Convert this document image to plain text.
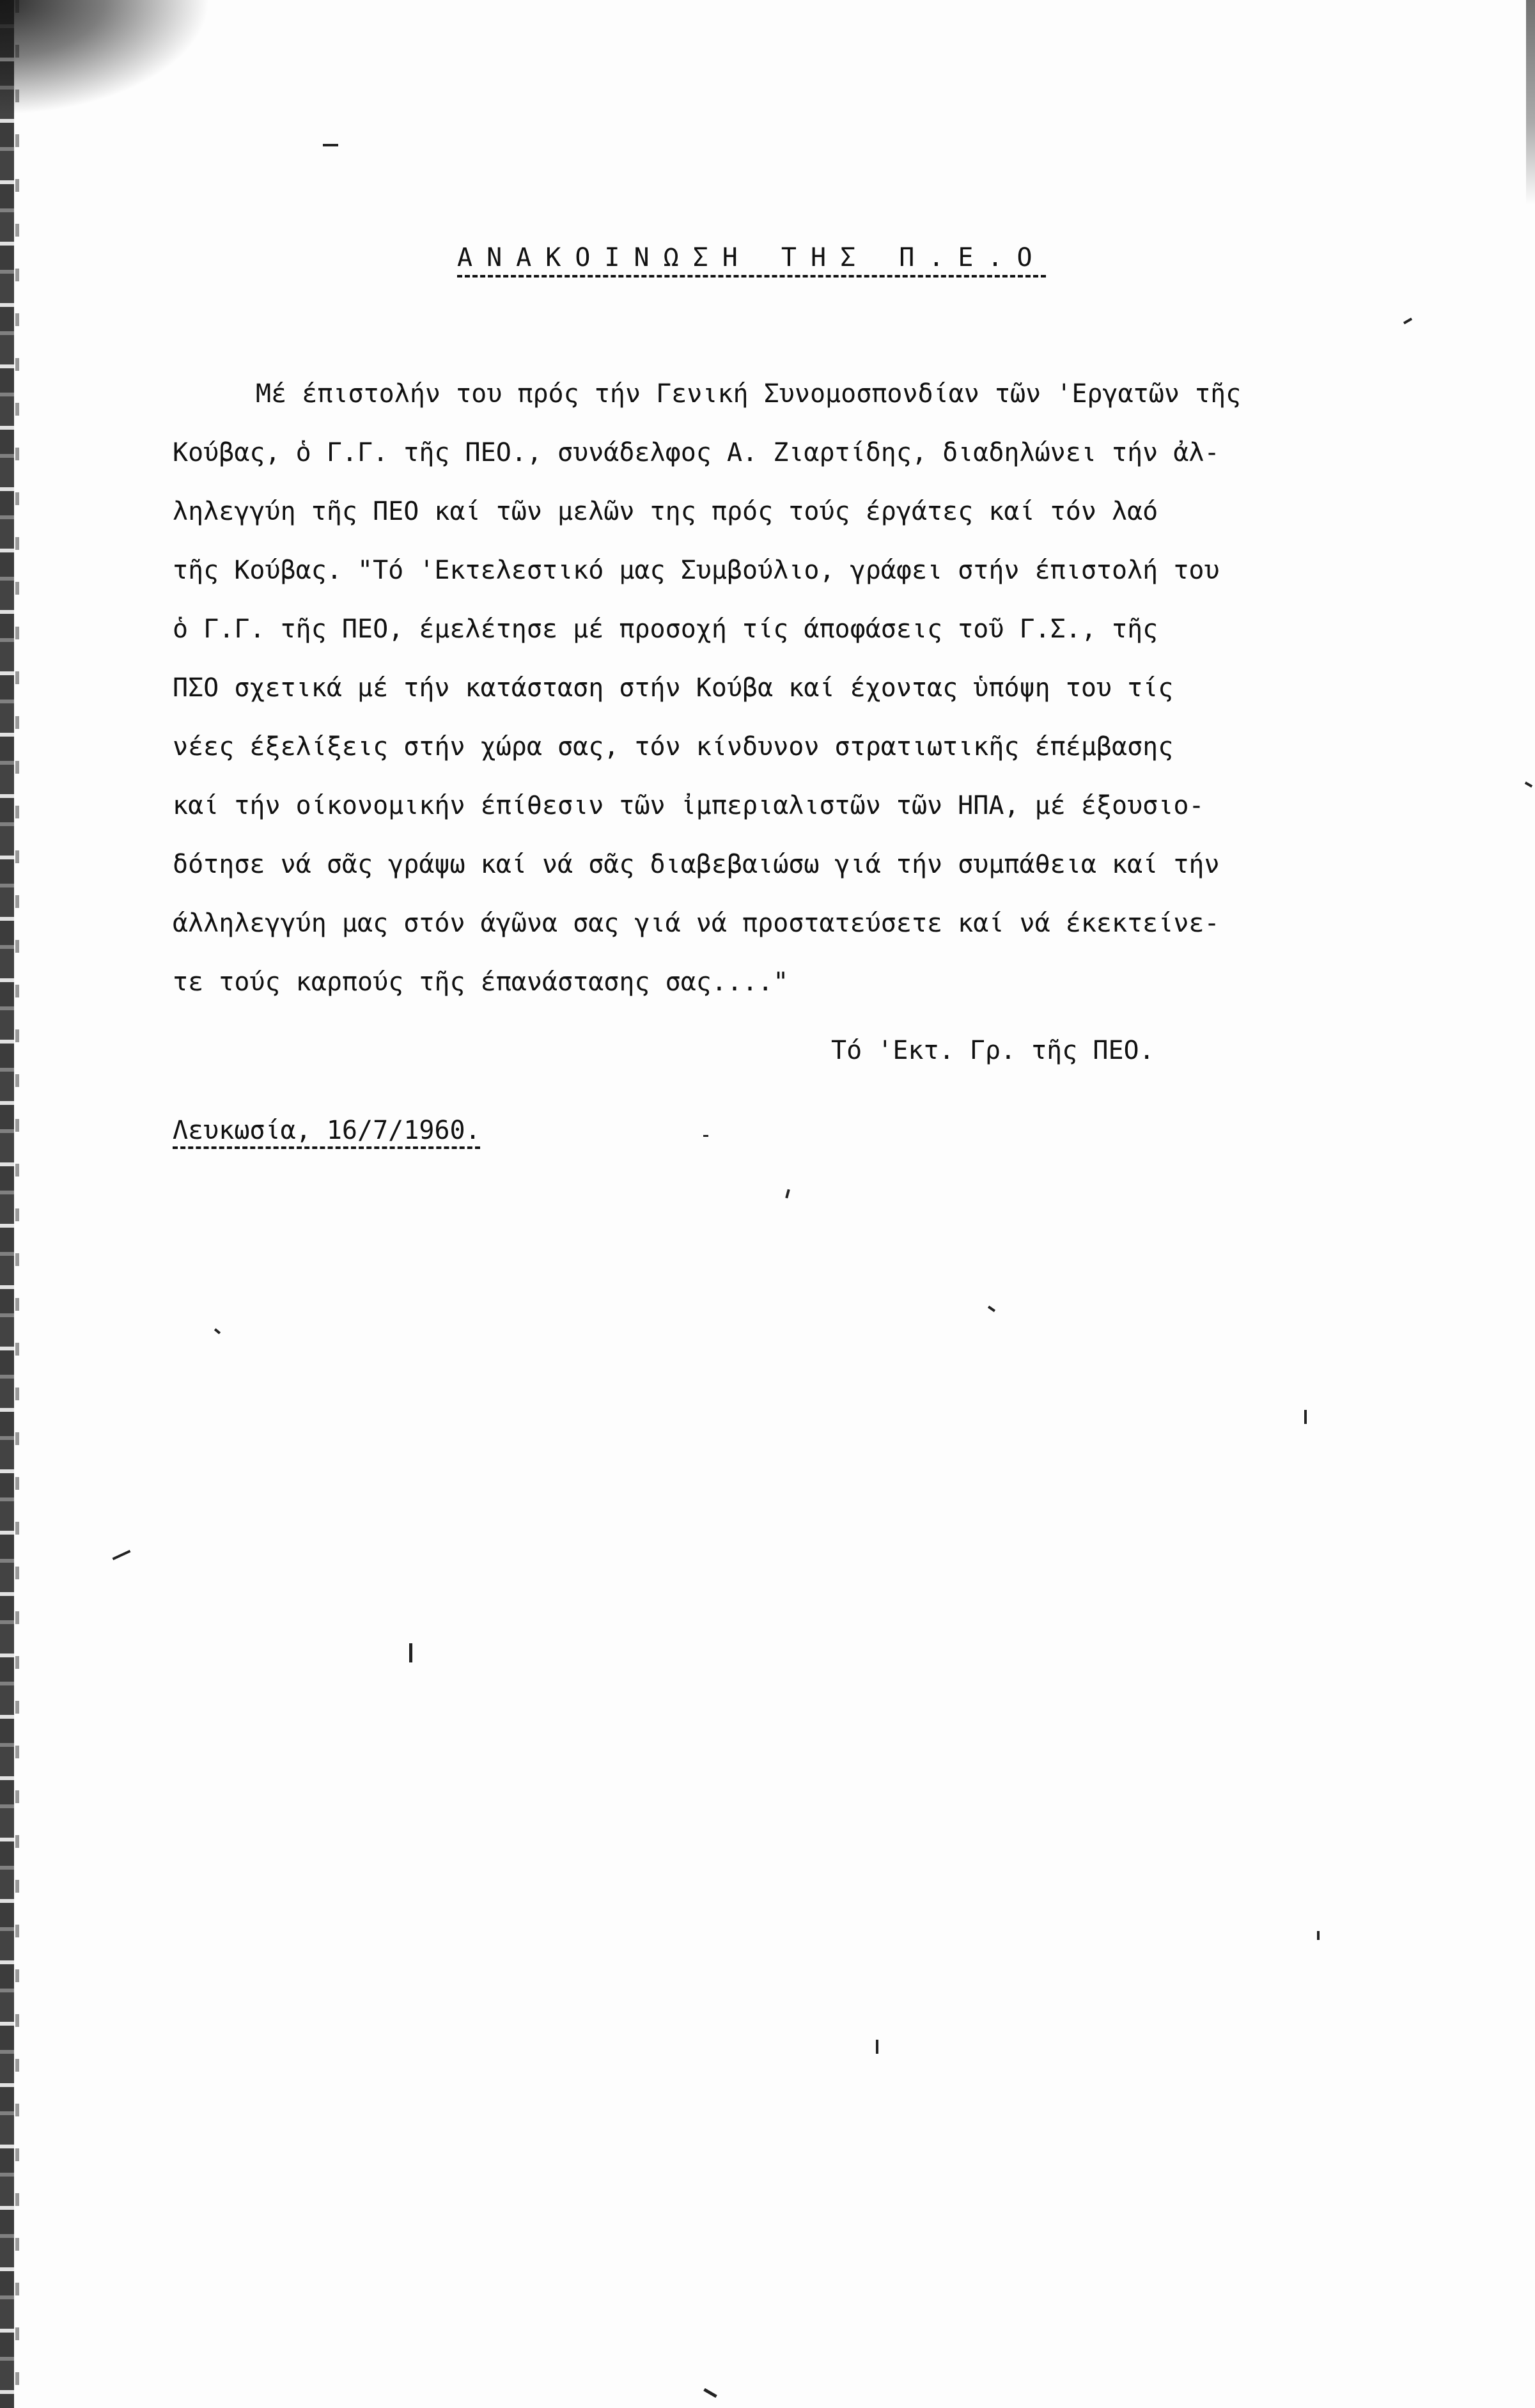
ΑΝΑΚΟΙΝΩΣΗ ΤΗΣ Π.Ε.Ο
Μέ έπιστολήν του πρός τήν Γενική Συνομοσπονδίαν τῶν 'Εργατῶν τῆς
Κούβας, ὁ Γ.Γ. τῆς ΠΕΟ., συνάδελφος Α. Ζιαρτίδης, διαδηλώνει τήν ἀλ-
ληλεγγύη τῆς ΠΕΟ καί τῶν μελῶν της πρός τούς έργάτες καί τόν λαό
τῆς Κούβας. "Τό 'Εκτελεστικό μας Συμβούλιο, γράφει στήν έπιστολή του
ὁ Γ.Γ. τῆς ΠΕΟ, έμελέτησε μέ προσοχή τίς άποφάσεις τοῦ Γ.Σ., τῆς
ΠΣΟ σχετικά μέ τήν κατάσταση στήν Κούβα καί έχοντας ὑπόψη του τίς
νέες έξελίξεις στήν χώρα σας, τόν κίνδυνον στρατιωτικῆς έπέμβασης
καί τήν οίκονομικήν έπίθεσιν τῶν ἰμπεριαλιστῶν τῶν ΗΠΑ, μέ έξουσιο-
δότησε νά σᾶς γράψω καί νά σᾶς διαβεβαιώσω γιά τήν συμπάθεια καί τήν
άλληλεγγύη μας στόν άγῶνα σας γιά νά προστατεύσετε καί νά έκεκτείνε-
τε τούς καρπούς τῆς έπανάστασης σας...."
Τό 'Εκτ. Γρ. τῆς ΠΕΟ.
Λευκωσία, 16/7/1960.
